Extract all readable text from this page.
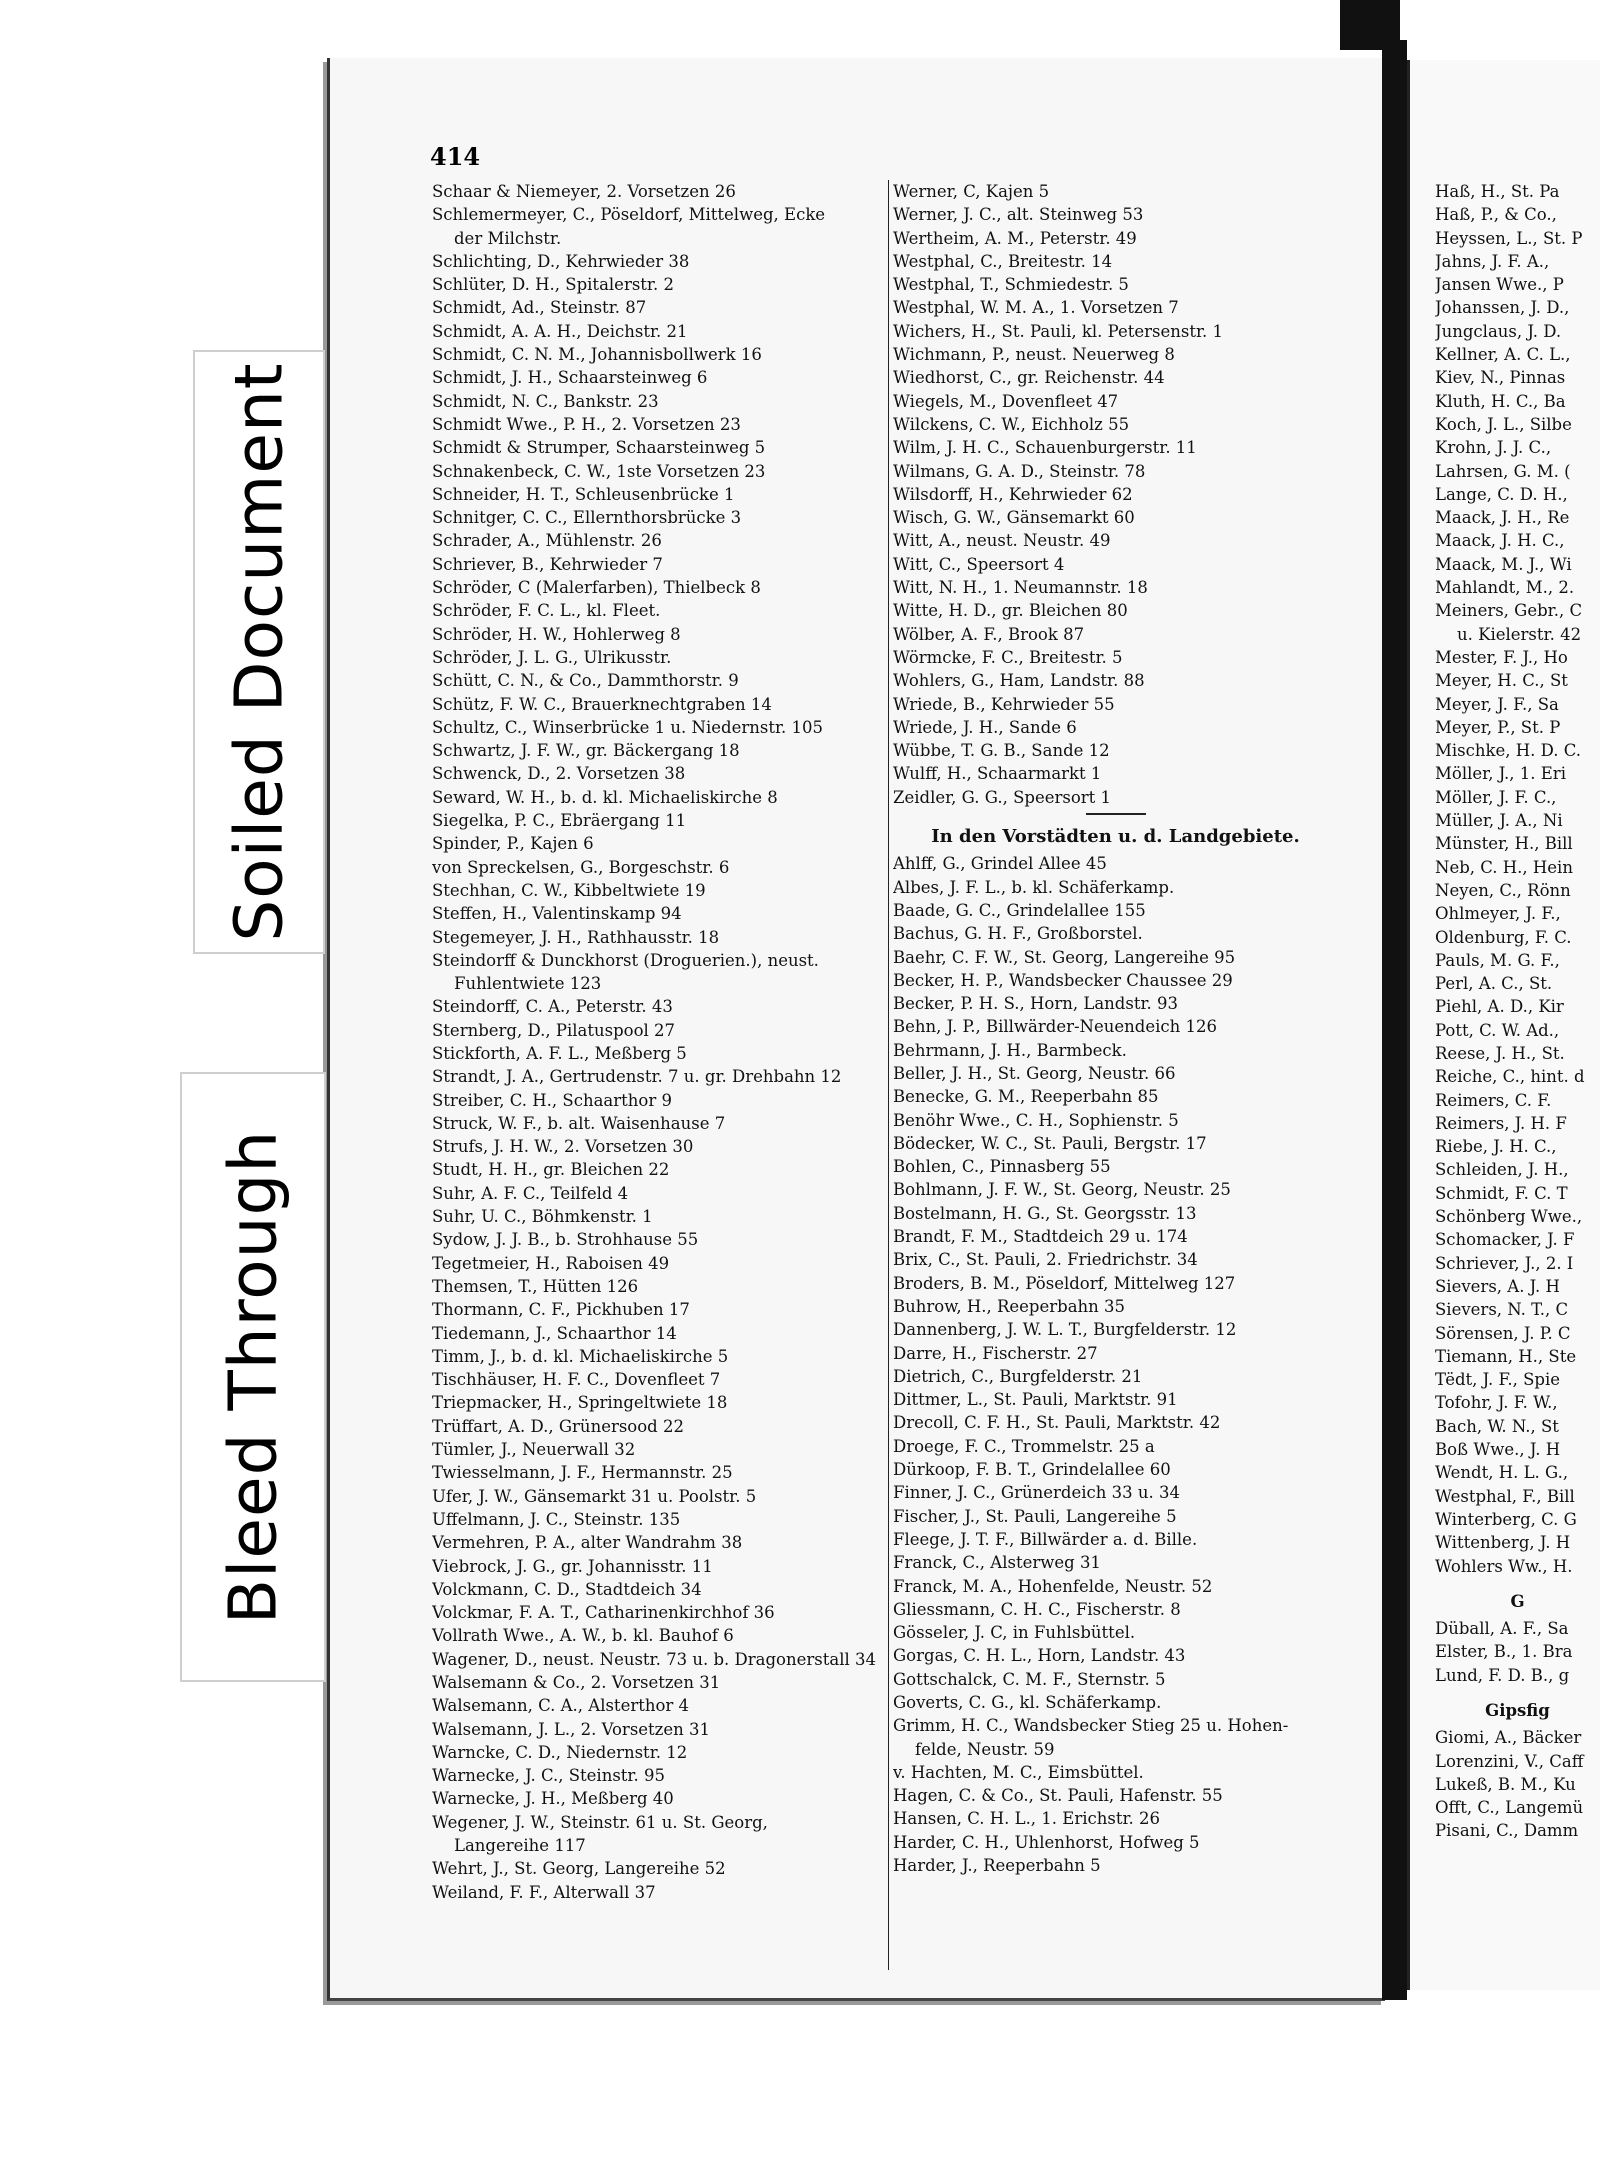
Soiled Document
Bleed Through
414
Schaar & Niemeyer, 2. Vorsetzen 26
Schlemermeyer, C., Pöseldorf, Mittelweg, Ecke
der Milchstr.
Schlichting, D., Kehrwieder 38
Schlüter, D. H., Spitalerstr. 2
Schmidt, Ad., Steinstr. 87
Schmidt, A. A. H., Deichstr. 21
Schmidt, C. N. M., Johannisbollwerk 16
Schmidt, J. H., Schaarsteinweg 6
Schmidt, N. C., Bankstr. 23
Schmidt Wwe., P. H., 2. Vorsetzen 23
Schmidt & Strumper, Schaarsteinweg 5
Schnakenbeck, C. W., 1ste Vorsetzen 23
Schneider, H. T., Schleusenbrücke 1
Schnitger, C. C., Ellernthorsbrücke 3
Schrader, A., Mühlenstr. 26
Schriever, B., Kehrwieder 7
Schröder, C (Malerfarben), Thielbeck 8
Schröder, F. C. L., kl. Fleet.
Schröder, H. W., Hohlerweg 8
Schröder, J. L. G., Ulrikusstr.
Schütt, C. N., & Co., Dammthorstr. 9
Schütz, F. W. C., Brauerknechtgraben 14
Schultz, C., Winserbrücke 1 u. Niedernstr. 105
Schwartz, J. F. W., gr. Bäckergang 18
Schwenck, D., 2. Vorsetzen 38
Seward, W. H., b. d. kl. Michaeliskirche 8
Siegelka, P. C., Ebräergang 11
Spinder, P., Kajen 6
von Spreckelsen, G., Borgeschstr. 6
Stechhan, C. W., Kibbeltwiete 19
Steffen, H., Valentinskamp 94
Stegemeyer, J. H., Rathhausstr. 18
Steindorff & Dunckhorst (Droguerien.), neust.
Fuhlentwiete 123
Steindorff, C. A., Peterstr. 43
Sternberg, D., Pilatuspool 27
Stickforth, A. F. L., Meßberg 5
Strandt, J. A., Gertrudenstr. 7 u. gr. Drehbahn 12
Streiber, C. H., Schaarthor 9
Struck, W. F., b. alt. Waisenhause 7
Strufs, J. H. W., 2. Vorsetzen 30
Studt, H. H., gr. Bleichen 22
Suhr, A. F. C., Teilfeld 4
Suhr, U. C., Böhmkenstr. 1
Sydow, J. J. B., b. Strohhause 55
Tegetmeier, H., Raboisen 49
Themsen, T., Hütten 126
Thormann, C. F., Pickhuben 17
Tiedemann, J., Schaarthor 14
Timm, J., b. d. kl. Michaeliskirche 5
Tischhäuser, H. F. C., Dovenfleet 7
Triepmacker, H., Springeltwiete 18
Trüffart, A. D., Grünersood 22
Tümler, J., Neuerwall 32
Twiesselmann, J. F., Hermannstr. 25
Ufer, J. W., Gänsemarkt 31 u. Poolstr. 5
Uffelmann, J. C., Steinstr. 135
Vermehren, P. A., alter Wandrahm 38
Viebrock, J. G., gr. Johannisstr. 11
Volckmann, C. D., Stadtdeich 34
Volckmar, F. A. T., Catharinenkirchhof 36
Vollrath Wwe., A. W., b. kl. Bauhof 6
Wagener, D., neust. Neustr. 73 u. b. Dragonerstall 34
Walsemann & Co., 2. Vorsetzen 31
Walsemann, C. A., Alsterthor 4
Walsemann, J. L., 2. Vorsetzen 31
Warncke, C. D., Niedernstr. 12
Warnecke, J. C., Steinstr. 95
Warnecke, J. H., Meßberg 40
Wegener, J. W., Steinstr. 61 u. St. Georg,
Langereihe 117
Wehrt, J., St. Georg, Langereihe 52
Weiland, F. F., Alterwall 37
Werner, C, Kajen 5
Werner, J. C., alt. Steinweg 53
Wertheim, A. M., Peterstr. 49
Westphal, C., Breitestr. 14
Westphal, T., Schmiedestr. 5
Westphal, W. M. A., 1. Vorsetzen 7
Wichers, H., St. Pauli, kl. Petersenstr. 1
Wichmann, P., neust. Neuerweg 8
Wiedhorst, C., gr. Reichenstr. 44
Wiegels, M., Dovenfleet 47
Wilckens, C. W., Eichholz 55
Wilm, J. H. C., Schauenburgerstr. 11
Wilmans, G. A. D., Steinstr. 78
Wilsdorff, H., Kehrwieder 62
Wisch, G. W., Gänsemarkt 60
Witt, A., neust. Neustr. 49
Witt, C., Speersort 4
Witt, N. H., 1. Neumannstr. 18
Witte, H. D., gr. Bleichen 80
Wölber, A. F., Brook 87
Wörmcke, F. C., Breitestr. 5
Wohlers, G., Ham, Landstr. 88
Wriede, B., Kehrwieder 55
Wriede, J. H., Sande 6
Wübbe, T. G. B., Sande 12
Wulff, H., Schaarmarkt 1
Zeidler, G. G., Speersort 1
In den Vorstädten u. d. Landgebiete.
Ahlff, G., Grindel Allee 45
Albes, J. F. L., b. kl. Schäferkamp.
Baade, G. C., Grindelallee 155
Bachus, G. H. F., Großborstel.
Baehr, C. F. W., St. Georg, Langereihe 95
Becker, H. P., Wandsbecker Chaussee 29
Becker, P. H. S., Horn, Landstr. 93
Behn, J. P., Billwärder-Neuendeich 126
Behrmann, J. H., Barmbeck.
Beller, J. H., St. Georg, Neustr. 66
Benecke, G. M., Reeperbahn 85
Benöhr Wwe., C. H., Sophienstr. 5
Bödecker, W. C., St. Pauli, Bergstr. 17
Bohlen, C., Pinnasberg 55
Bohlmann, J. F. W., St. Georg, Neustr. 25
Bostelmann, H. G., St. Georgsstr. 13
Brandt, F. M., Stadtdeich 29 u. 174
Brix, C., St. Pauli, 2. Friedrichstr. 34
Broders, B. M., Pöseldorf, Mittelweg 127
Buhrow, H., Reeperbahn 35
Dannenberg, J. W. L. T., Burgfelderstr. 12
Darre, H., Fischerstr. 27
Dietrich, C., Burgfelderstr. 21
Dittmer, L., St. Pauli, Marktstr. 91
Drecoll, C. F. H., St. Pauli, Marktstr. 42
Droege, F. C., Trommelstr. 25 a
Dürkoop, F. B. T., Grindelallee 60
Finner, J. C., Grünerdeich 33 u. 34
Fischer, J., St. Pauli, Langereihe 5
Fleege, J. T. F., Billwärder a. d. Bille.
Franck, C., Alsterweg 31
Franck, M. A., Hohenfelde, Neustr. 52
Gliessmann, C. H. C., Fischerstr. 8
Gösseler, J. C, in Fuhlsbüttel.
Gorgas, C. H. L., Horn, Landstr. 43
Gottschalck, C. M. F., Sternstr. 5
Goverts, C. G., kl. Schäferkamp.
Grimm, H. C., Wandsbecker Stieg 25 u. Hohen-
felde, Neustr. 59
v. Hachten, M. C., Eimsbüttel.
Hagen, C. & Co., St. Pauli, Hafenstr. 55
Hansen, C. H. L., 1. Erichstr. 26
Harder, C. H., Uhlenhorst, Hofweg 5
Harder, J., Reeperbahn 5
Haß, H., St. Pa
Haß, P., & Co.,
Heyssen, L., St. P
Jahns, J. F. A.,
Jansen Wwe., P
Johanssen, J. D.,
Jungclaus, J. D.
Kellner, A. C. L.,
Kiev, N., Pinnas
Kluth, H. C., Ba
Koch, J. L., Silbe
Krohn, J. J. C.,
Lahrsen, G. M. (
Lange, C. D. H.,
Maack, J. H., Re
Maack, J. H. C.,
Maack, M. J., Wi
Mahlandt, M., 2.
Meiners, Gebr., C
u. Kielerstr. 42
Mester, F. J., Ho
Meyer, H. C., St
Meyer, J. F., Sa
Meyer, P., St. P
Mischke, H. D. C.
Möller, J., 1. Eri
Möller, J. F. C.,
Müller, J. A., Ni
Münster, H., Bill
Neb, C. H., Hein
Neyen, C., Rönn
Ohlmeyer, J. F.,
Oldenburg, F. C.
Pauls, M. G. F.,
Perl, A. C., St.
Piehl, A. D., Kir
Pott, C. W. Ad.,
Reese, J. H., St.
Reiche, C., hint. d
Reimers, C. F.
Reimers, J. H. F
Riebe, J. H. C.,
Schleiden, J. H.,
Schmidt, F. C. T
Schönberg Wwe.,
Schomacker, J. F
Schriever, J., 2. I
Sievers, A. J. H
Sievers, N. T., C
Sörensen, J. P. C
Tiemann, H., Ste
Tëdt, J. F., Spie
Tofohr, J. F. W.,
Bach, W. N., St
Boß Wwe., J. H
Wendt, H. L. G.,
Westphal, F., Bill
Winterberg, C. G
Wittenberg, J. H
Wohlers Ww., H.
G
Düball, A. F., Sa
Elster, B., 1. Bra
Lund, F. D. B., g
Gipsfig
Giomi, A., Bäcker
Lorenzini, V., Caff
Lukeß, B. M., Ku
Offt, C., Langemü
Pisani, C., Damm
